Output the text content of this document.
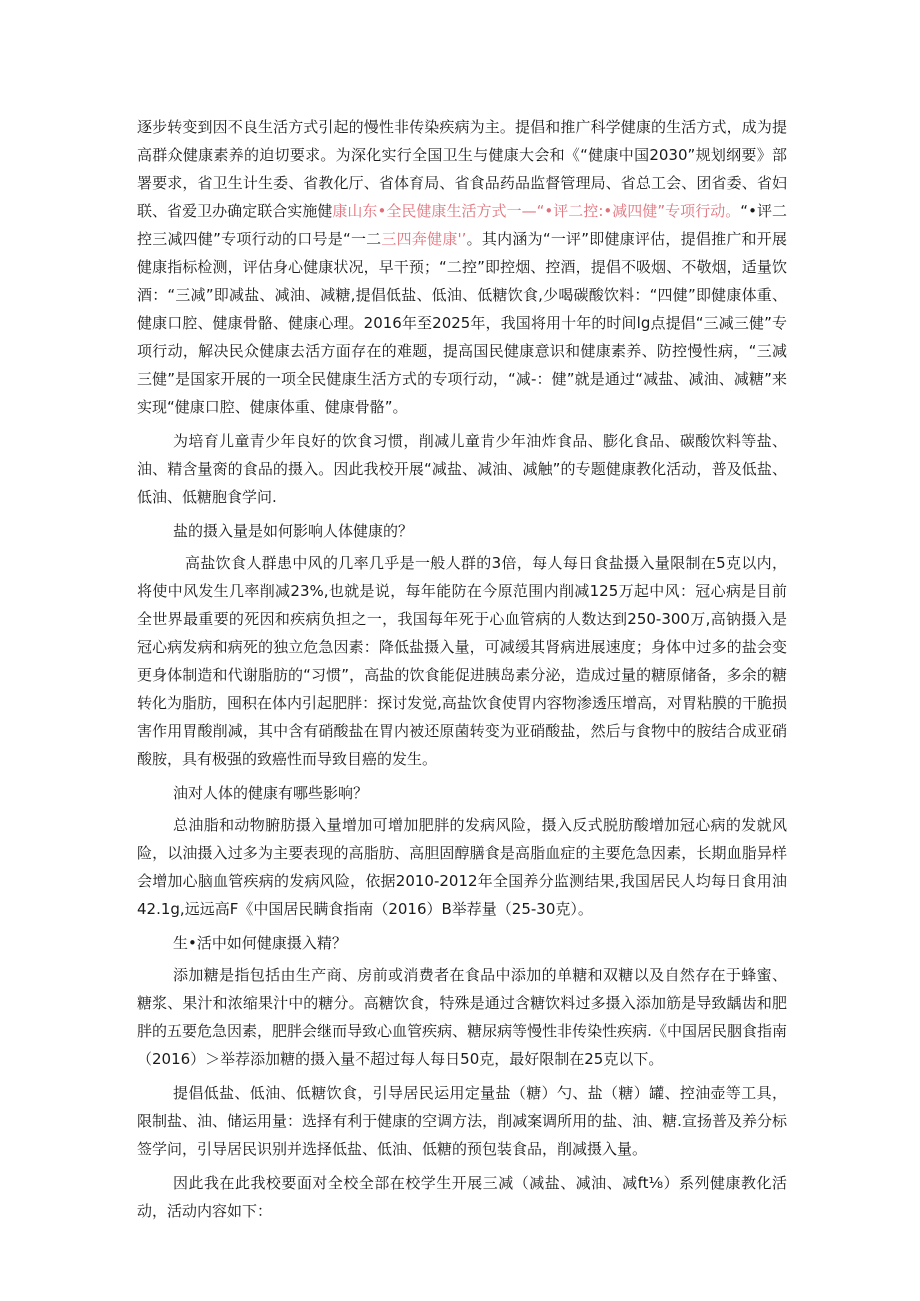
逐步转变到因不良生活方式引起的慢性非传染疾病为主。提倡和推广科学健康的生活方式，成为提高群众健康素养的迫切要求。为深化实行全国卫生与健康大会和《“健康中国2030”规划纲要》部署要求，省卫生计生委、省教化厅、省体育局、省食品药品监督管理局、省总工会、团省委、省妇联、省爱卫办确定联合实施健康山东•全民健康生活方式一—“•评二控:•减四健”专项行动。“•评二控三减四健”专项行动的口号是“一二三四奔健康'’。其内涵为“一评”即健康评估，提倡推广和开展健康指标检测，评估身心健康状况，早干预；“二控”即控烟、控酒，提倡不吸烟、不敬烟，适量饮酒：“三减”即减盐、减油、减糖,提倡低盐、低油、低糖饮食,少喝碳酸饮料：“四健”即健康体重、健康口腔、健康骨骼、健康心理。2016年至2025年，我国将用十年的时间lg点提倡“三减三健”专项行动，解决民众健康去活方面存在的难题，提高国民健康意识和健康素养、防控慢性病，“三减三健”是国家开展的一项全民健康生活方式的专项行动，“减-：健”就是通过“减盐、减油、减糖”来实现“健康口腔、健康体重、健康骨骼”。

为培育儿童青少年良好的饮食习惯，削减儿童肯少年油炸食品、膨化食品、碳酸饮料等盐、油、精含量脔的食品的摄入。因此我校开展“减盐、减油、减触”的专题健康教化活动，普及低盐、低油、低糖胞食学问.

盐的摄入量是如何影响人体健康的？

高盐饮食人群患中风的几率几乎是一般人群的3倍，每人每日食盐摄入量限制在5克以内，将使中风发生几率削减23%,也就是说，每年能防在今原范围内削减125万起中风：冠心病是目前全世界最重要的死因和疾病负担之一，我国每年死于心血管病的人数达到250-300万,高钠摄入是冠心病发病和病死的独立危急因素：降低盐摄入量，可减缓其肾病进展速度；身体中过多的盐会变更身体制造和代谢脂肪的“习惯”，高盐的饮食能促进胰岛素分泌，造成过量的糖原储备，多余的糖转化为脂肪，囤积在体内引起肥胖：探讨发觉,高盐饮食使胃内容物渗透压增高，对胃粘膜的干脆损害作用胃酸削减，其中含有硝酸盐在胃内被还原菌转变为亚硝酸盐，然后与食物中的胺结合成亚硝酸胺，具有极强的致癌性而导致目癌的发生。

油对人体的健康有哪些影响？

总油脂和动物腑肪摄入量增加可增加肥胖的发病风险，摄入反式脱肪酸增加冠心病的发就风险，以油摄入过多为主要表现的高脂肪、高胆固醇膳食是高脂血症的主要危急因素，长期血脂异样会增加心脑血管疾病的发病风险，依据2010-2012年全国养分监测结果,我国居民人均每日食用油42.1g,远远高F《中国居民瞒食指南（2016）B举荐量（25-30克）。

生•活中如何健康摄入精？

添加糖是指包括由生产商、房前或消费者在食品中添加的单糖和双糖以及自然存在于蜂蜜、糖浆、果汁和浓缩果汁中的糖分。高糖饮食，特殊是通过含糖饮料过多摄入添加筋是导致龋齿和肥胖的五要危急因素，肥胖会继而导致心血管疾病、糖尿病等慢性非传染性疾病.《中国居民胭食指南（2016）＞举荐添加糖的摄入量不超过每人每日50克，最好限制在25克以下。

提倡低盐、低油、低糖饮食，引导居民运用定量盐（糖）勺、盐（糖）罐、控油壶等工具，限制盐、油、储运用量：选择有利于健康的空调方法，削减案调所用的盐、油、糖.宣扬普及养分标签学问，引导居民识别并选择低盐、低油、低糖的预包装食品，削减摄入量。

因此我在此我校要面对全校全部在校学生开展三减（减盐、减油、减ft⅛）系列健康教化活动，活动内容如下：
